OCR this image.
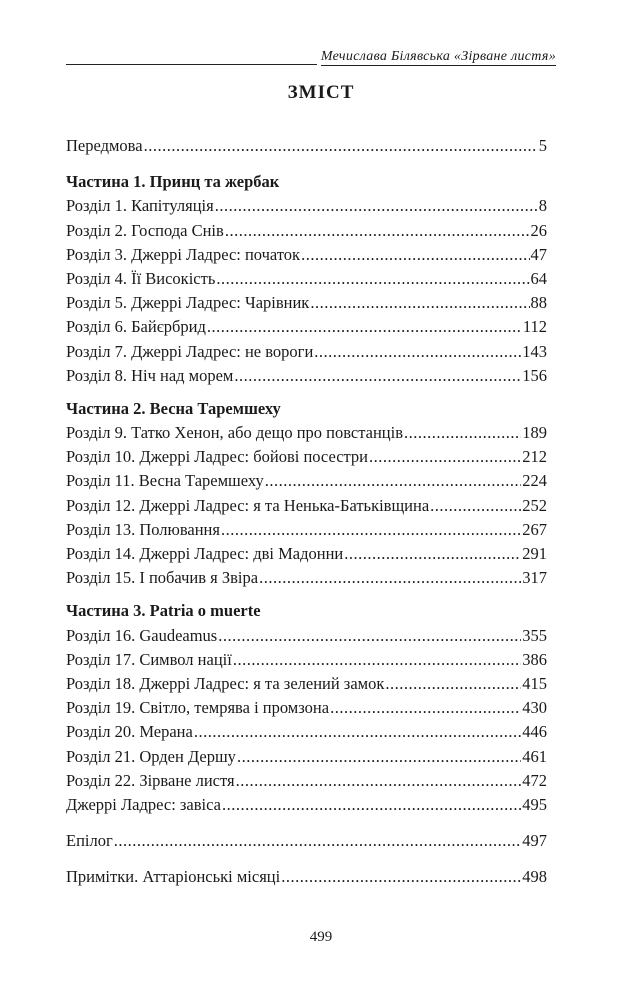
Мечислава Білявська «Зірване листя»
ЗМІСТ
Передмова .....	5
Частина 1. Принц та жербак
Розділ 1. Капітуляція .....	8
Розділ 2. Господа Снів .....	26
Розділ 3. Джеррі Ладрес: початок .....	47
Розділ 4. Її Високість .....	64
Розділ 5. Джеррі Ладрес: Чарівник .....	88
Розділ 6. Байєрбрид .....	112
Розділ 7. Джеррі Ладрес: не вороги .....	143
Розділ 8. Ніч над морем .....	156
Частина 2. Весна Таремшеху
Розділ 9. Татко Хенон, або дещо про повстанців .....	189
Розділ 10. Джеррі Ладрес: бойові посестри .....	212
Розділ 11. Весна Таремшеху .....	224
Розділ 12. Джеррі Ладрес: я та Ненька-Батьківщина .....	252
Розділ 13. Полювання .....	267
Розділ 14. Джеррі Ладрес: дві Мадонни .....	291
Розділ 15. І побачив я Звіра .....	317
Частина 3. Patria o muerte
Розділ 16. Gaudeamus .....	355
Розділ 17. Символ нації .....	386
Розділ 18. Джеррі Ладрес: я та зелений замок .....	415
Розділ 19. Світло, темрява і промзона .....	430
Розділ 20. Мерана .....	446
Розділ 21. Орден Дершу .....	461
Розділ 22. Зірване листя .....	472
Джеррі Ладрес: завіса .....	495
Епілог .....	497
Примітки. Аттаріонські місяці .....	498
499
